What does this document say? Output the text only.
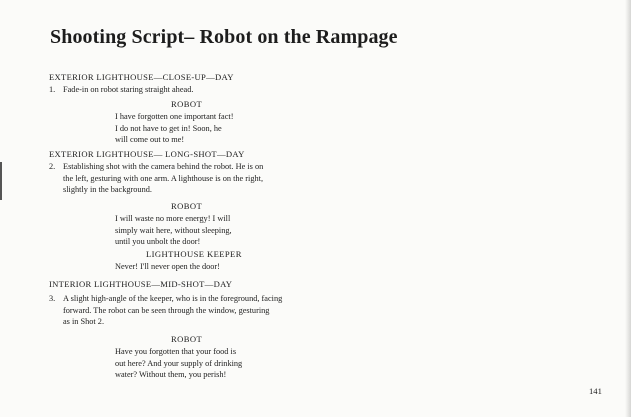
Shooting Script– Robot on the Rampage
EXTERIOR LIGHTHOUSE—CLOSE-UP—DAY
1. Fade-in on robot staring straight ahead.
ROBOT
I have forgotten one important fact!
I do not have to get in! Soon, he
will come out to me!
EXTERIOR LIGHTHOUSE— LONG-SHOT—DAY
2. Establishing shot with the camera behind the robot. He is on
the left, gesturing with one arm. A lighthouse is on the right,
slightly in the background.
ROBOT
I will waste no more energy! I will
simply wait here, without sleeping,
until you unbolt the door!
LIGHTHOUSE KEEPER
Never! I'll never open the door!
INTERIOR LIGHTHOUSE—MID-SHOT—DAY
3. A slight high-angle of the keeper, who is in the foreground, facing
forward. The robot can be seen through the window, gesturing
as in Shot 2.
ROBOT
Have you forgotten that your food is
out here? And your supply of drinking
water? Without them, you perish!
141
